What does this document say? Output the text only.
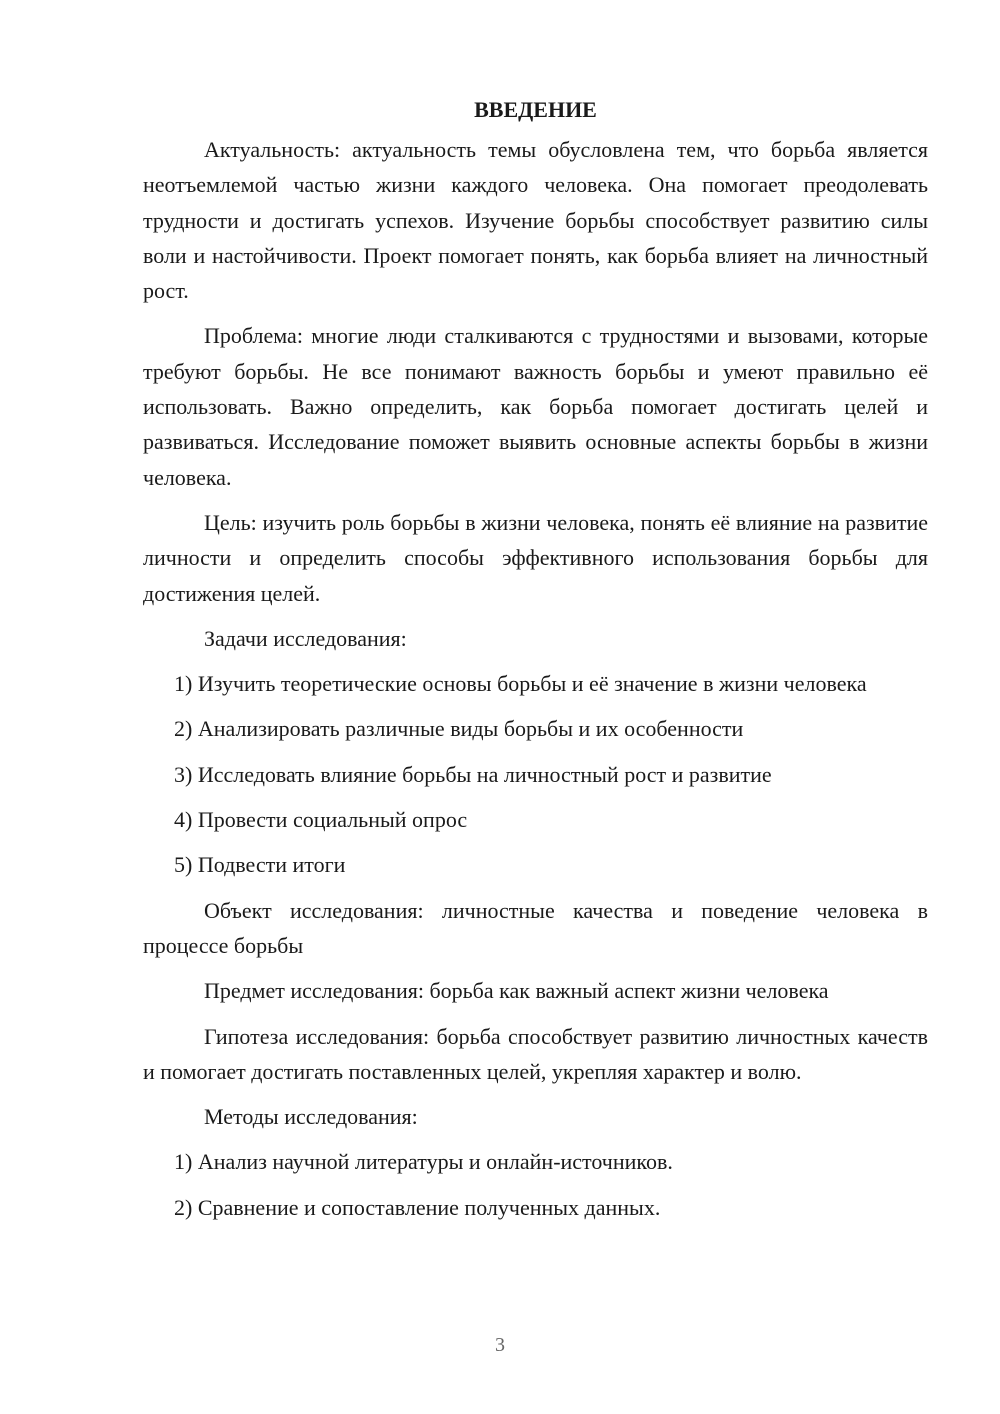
ВВЕДЕНИЕ

Актуальность: актуальность темы обусловлена тем, что борьба является неотъемлемой частью жизни каждого человека. Она помогает преодолевать трудности и достигать успехов. Изучение борьбы способствует развитию силы воли и настойчивости. Проект помогает понять, как борьба влияет на личностный рост.

Проблема: многие люди сталкиваются с трудностями и вызовами, которые требуют борьбы. Не все понимают важность борьбы и умеют правильно её использовать. Важно определить, как борьба помогает достигать целей и развиваться. Исследование поможет выявить основные аспекты борьбы в жизни человека.

Цель: изучить роль борьбы в жизни человека, понять её влияние на развитие личности и определить способы эффективного использования борьбы для достижения целей.

Задачи исследования:

1) Изучить теоретические основы борьбы и её значение в жизни человека

2) Анализировать различные виды борьбы и их особенности

3) Исследовать влияние борьбы на личностный рост и развитие

4) Провести социальный опрос

5) Подвести итоги

Объект исследования: личностные качества и поведение человека в процессе борьбы

Предмет исследования: борьба как важный аспект жизни человека

Гипотеза исследования: борьба способствует развитию личностных качеств и помогает достигать поставленных целей, укрепляя характер и волю.

Методы исследования:

1) Анализ научной литературы и онлайн-источников.

2) Сравнение и сопоставление полученных данных.

3
